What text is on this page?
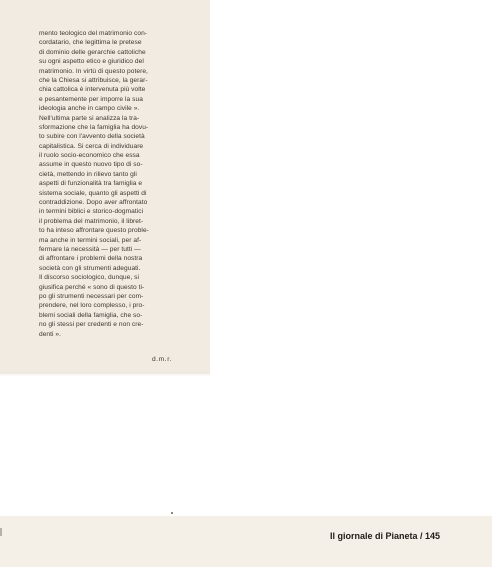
mento teologico del matrimonio con-
cordatario, che legittima le pretese
di dominio delle gerarchie cattoliche
su ogni aspetto etico e giuridico del
matrimonio. In virtù di questo potere,
che la Chiesa si attribuisce, la gerar-
chia cattolica è intervenuta più volte
e pesantemente per imporre la sua
ideologia anche in campo civile ».
Nell'ultima parte si analizza la tra-
sformazione che la famiglia ha dovu-
to subire con l'avvento della società
capitalistica. Si cerca di individuare
il ruolo socio-economico che essa
assume in questo nuovo tipo di so-
cietà, mettendo in rilievo tanto gli
aspetti di funzionalità tra famiglia e
sistema sociale, quanto gli aspetti di
contraddizione. Dopo aver affrontato
in termini biblici e storico-dogmatici
il problema del matrimonio, il libret-
to ha inteso affrontare questo proble-
ma anche in termini sociali, per af-
fermare la necessità — per tutti —
di affrontare i problemi della nostra
società con gli strumenti adeguati.
Il discorso sociologico, dunque, si
giusifica perché « sono di questo ti-
po gli strumenti necessari per com-
prendere, nel loro complesso, i pro-
blemi sociali della famiglia, che so-
no gli stessi per credenti e non cre-
denti ».
d.m.r.
Il giornale di Pianeta / 145
